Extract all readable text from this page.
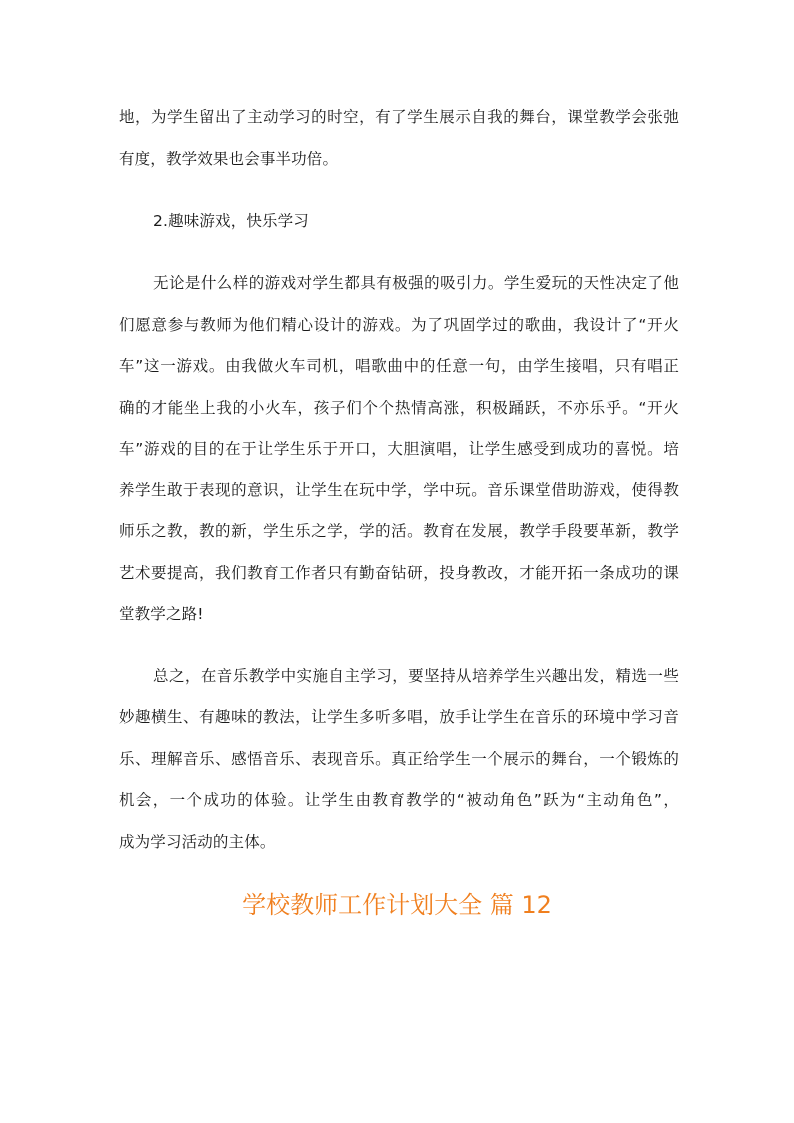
地，为学生留出了主动学习的时空，有了学生展示自我的舞台，课堂教学会张弛
有度，教学效果也会事半功倍。
2.趣味游戏，快乐学习
无论是什么样的游戏对学生都具有极强的吸引力。学生爱玩的天性决定了他
们愿意参与教师为他们精心设计的游戏。为了巩固学过的歌曲，我设计了“开火
车”这一游戏。由我做火车司机，唱歌曲中的任意一句，由学生接唱，只有唱正
确的才能坐上我的小火车，孩子们个个热情高涨，积极踊跃，不亦乐乎。“开火
车”游戏的目的在于让学生乐于开口，大胆演唱，让学生感受到成功的喜悦。培
养学生敢于表现的意识，让学生在玩中学，学中玩。音乐课堂借助游戏，使得教
师乐之教，教的新，学生乐之学，学的活。教育在发展，教学手段要革新，教学
艺术要提高，我们教育工作者只有勤奋钻研，投身教改，才能开拓一条成功的课
堂教学之路!
总之，在音乐教学中实施自主学习，要坚持从培养学生兴趣出发，精选一些
妙趣横生、有趣味的教法，让学生多听多唱，放手让学生在音乐的环境中学习音
乐、理解音乐、感悟音乐、表现音乐。真正给学生一个展示的舞台，一个锻炼的
机会，一个成功的体验。让学生由教育教学的“被动角色”跃为“主动角色”，
成为学习活动的主体。
学校教师工作计划大全 篇 12
